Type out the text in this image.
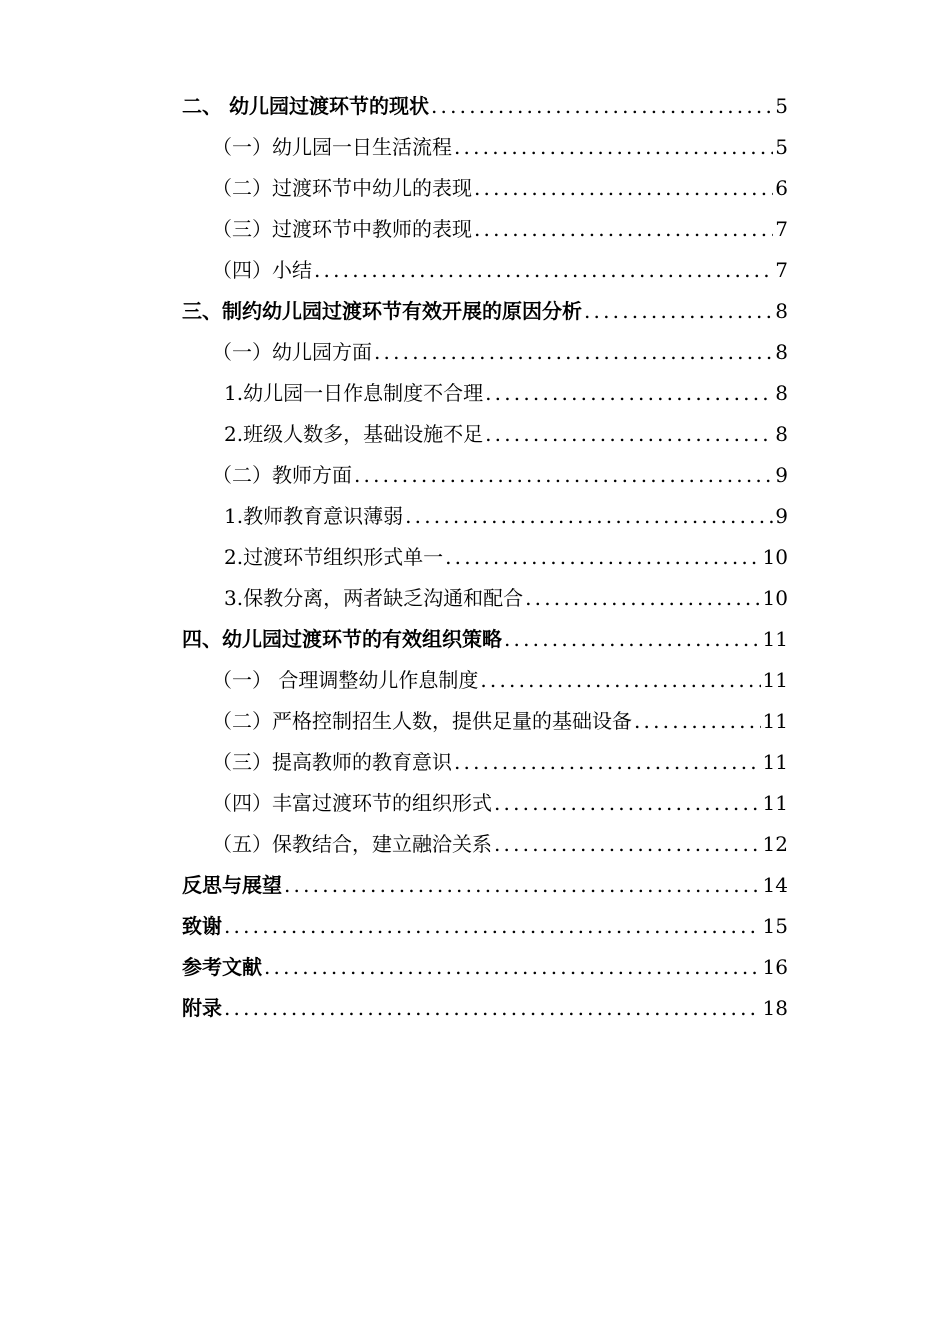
二、 幼儿园过渡环节的现状 .....	5
（一）幼儿园一日生活流程 .....	5
（二）过渡环节中幼儿的表现 .....	6
（三）过渡环节中教师的表现 .....	7
（四）小结 .....	7
三、制约幼儿园过渡环节有效开展的原因分析 .....	8
（一）幼儿园方面 .....	8
1.幼儿园一日作息制度不合理 .....	8
2.班级人数多，基础设施不足 .....	8
（二）教师方面 .....	9
1.教师教育意识薄弱 .....	9
2.过渡环节组织形式单一 .....	10
3.保教分离，两者缺乏沟通和配合 .....	10
四、幼儿园过渡环节的有效组织策略 .....	11
（一） 合理调整幼儿作息制度 .....	11
（二）严格控制招生人数，提供足量的基础设备 .....	11
（三）提高教师的教育意识 .....	11
（四）丰富过渡环节的组织形式 .....	11
（五）保教结合，建立融洽关系 .....	12
反思与展望 .....	14
致谢 .....	15
参考文献 .....	16
附录 .....	18
